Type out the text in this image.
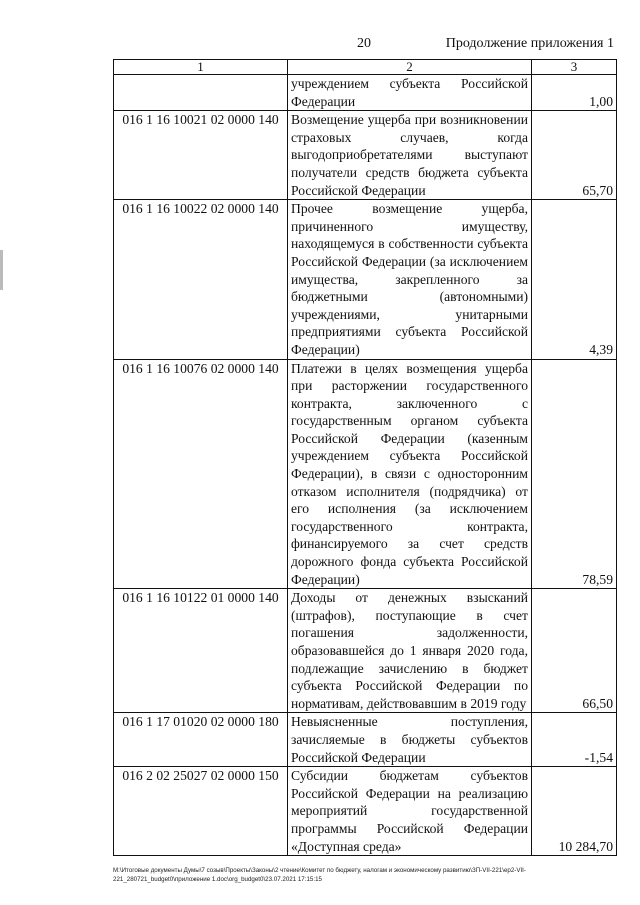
20	Продолжение приложения 1
1	2	3
	учреждением субъекта Российской Федерации	1,00
016 1 16 10021 02 0000 140	Возмещение ущерба при возникновении страховых случаев, когда выгодоприобретателями выступают получатели средств бюджета субъекта Российской Федерации	65,70
016 1 16 10022 02 0000 140	Прочее возмещение ущерба, причиненного имуществу, находящемуся в собственности субъекта Российской Федерации (за исключением имущества, закрепленного за бюджетными (автономными) учреждениями, унитарными предприятиями субъекта Российской Федерации)	4,39
016 1 16 10076 02 0000 140	Платежи в целях возмещения ущерба при расторжении государственного контракта, заключенного с государственным органом субъекта Российской Федерации (казенным учреждением субъекта Российской Федерации), в связи с односторонним отказом исполнителя (подрядчика) от его исполнения (за исключением государственного контракта, финансируемого за счет средств дорожного фонда субъекта Российской Федерации)	78,59
016 1 16 10122 01 0000 140	Доходы от денежных взысканий (штрафов), поступающие в счет погашения задолженности, образовавшейся до 1 января 2020 года, подлежащие зачислению в бюджет субъекта Российской Федерации по нормативам, действовавшим в 2019 году	66,50
016 1 17 01020 02 0000 180	Невыясненные поступления, зачисляемые в бюджеты субъектов Российской Федерации	-1,54
016 2 02 25027 02 0000 150	Субсидии бюджетам субъектов Российской Федерации на реализацию мероприятий государственной программы Российской Федерации «Доступная среда»	10 284,70
M:\Итоговые документы Думы\7 созыв\Проекты\Законы\2 чтение\Комитет по бюджету, налогам и экономическому развитию\ЗП-VII-221\ер2-VII-221_280721_budget0\приложение 1.doc\org_budget0\23.07.2021 17:15:15
